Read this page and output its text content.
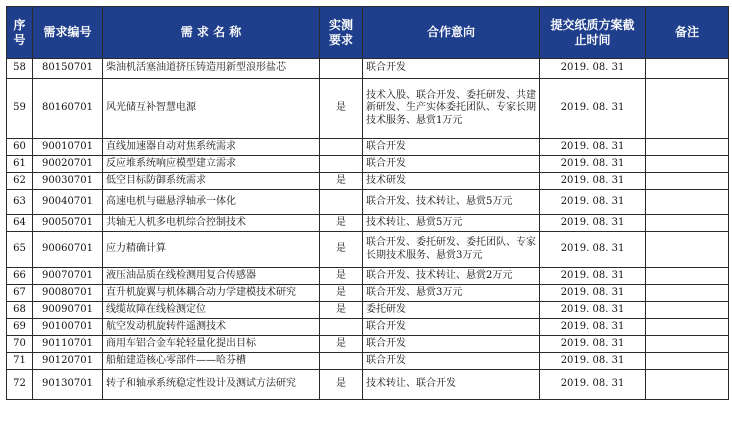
序号	需求编号	需 求 名 称	实测要求	合作意向	提交纸质方案截止时间	备注
58	80150701	柴油机活塞油道挤压铸造用新型浪形盐芯		联合开发	2019. 08. 31	
59	80160701	风光储互补智慧电源	是	技术入股、联合开发、委托研发、共建新研发、生产实体委托团队、专家长期技术服务、悬赏1万元	2019. 08. 31	
60	90010701	直线加速器自动对焦系统需求		联合开发	2019. 08. 31	
61	90020701	反应堆系统响应模型建立需求		联合开发	2019. 08. 31	
62	90030701	低空目标防御系统需求	是	技术研发	2019. 08. 31	
63	90040701	高速电机与磁悬浮轴承一体化		联合开发、技术转让、悬赏5万元	2019. 08. 31	
64	90050701	共轴无人机多电机综合控制技术	是	技术转让、悬赏5万元	2019. 08. 31	
65	90060701	应力精确计算	是	联合开发、委托研发、委托团队、专家长期技术服务、悬赏3万元	2019. 08. 31	
66	90070701	液压油品质在线检测用复合传感器	是	联合开发、技术转让、悬赏2万元	2019. 08. 31	
67	90080701	直升机旋翼与机体耦合动力学建模技术研究	是	联合开发、悬赏3万元	2019. 08. 31	
68	90090701	线缆故障在线检测定位	是	委托研发	2019. 08. 31	
69	90100701	航空发动机旋转件遥测技术		联合开发	2019. 08. 31	
70	90110701	商用车铝合金车轮轻量化提出目标	是	联合开发	2019. 08. 31	
71	90120701	船舶建造核心零部件——哈芬槽		联合开发	2019. 08. 31	
72	90130701	转子和轴承系统稳定性设计及测试方法研究	是	技术转让、联合开发	2019. 08. 31	
